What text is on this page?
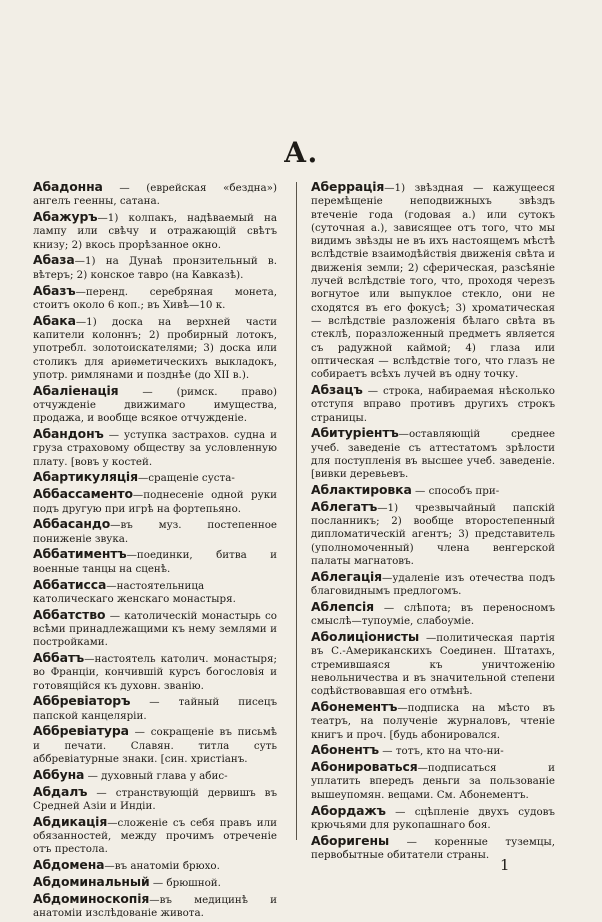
А.
Абадонна — (еврейская «бездна») ангелъ геенны, сатана.
Абажуръ—1) колпакъ, надѣваемый на лампу или свѣчу и отражающій свѣтъ книзу; 2) вкось прорѣзанное окно.
Абаза—1) на Дунаѣ пронзительный в. вѣтеръ; 2) конское тавро (на Кавказѣ).
Абазъ—перенд. серебряная монета, стоитъ около 6 коп.; въ Хивѣ—10 к.
Абака—1) доска на верхней части капители колоннъ; 2) пробирный лотокъ, употребл. золотоискателями; 3) доска или столикъ для ариѳметическихъ выкладокъ, употр. римлянами и позднѣе (до XII в.).
Абаліенація — (римск. право) отчужденіе движимаго имущества, продажа, и вообще всякое отчужденіе.
Абандонъ — уступка застрахов. судна и груза страховому обществу за условленную плату. [вовъ у костей.
Абартикуляція—сращеніе суста-
Аббассаменто—поднесеніе одной руки подъ другую при игрѣ на фортепьяно.
Аббасандо—въ муз. постепенное пониженіе звука.
Аббатиментъ—поединки, битва и военные танцы на сценѣ.
Аббатисса—настоятельница католическаго женскаго монастыря.
Аббатство — католическій монастырь со всѣми принадлежащими къ нему землями и постройками.
Аббатъ—настоятель католич. монастыря; во Франціи, кончившій курсъ богословія и готовящійся къ духовн. званію.
Аббревіаторъ — тайный писецъ папской канцеляріи.
Аббревіатура — сокращеніе въ письмѣ и печати. Славян. титла суть аббревіатурные знаки. [син. христіанъ.
Аббуна — духовный глава у абис-
Абдалъ — странствующій дервишъ въ Средней Азіи и Индіи.
Абдикація—сложеніе съ себя правъ или обязанностей, между прочимъ отреченіе отъ престола.
Абдомена—въ анатоміи брюхо.
Абдоминальный — брюшной.
Абдоминоскопія—въ медицинѣ и анатоміи изслѣдованіе живота.
Аберрація—1) звѣздная — кажущееся перемѣщеніе неподвижныхъ звѣздъ втеченіе года (годовая а.) или сутокъ (суточная а.), зависящее отъ того, что мы видимъ звѣзды не въ ихъ настоящемъ мѣстѣ вслѣдствіе взаимодѣйствія движенія свѣта и движенія земли; 2) сферическая, разсѣяніе лучей вслѣдствіе того, что, проходя черезъ вогнутое или выпуклое стекло, они не сходятся въ его фокусѣ; 3) хроматическая — вслѣдствіе разложенія бѣлаго свѣта въ стеклѣ, поразложенный предметъ является съ радужной каймой; 4) глаза или оптическая — вслѣдствіе того, что глазъ не собираетъ всѣхъ лучей въ одну точку.
Абзацъ — строка, набираемая нѣсколько отступя вправо противъ другихъ строкъ страницы.
Абитуріентъ—оставляющій среднее учеб. заведеніе съ аттестатомъ зрѣлости для поступленія въ высшее учеб. заведеніе. [вивки деревьевъ.
Аблактировка — способъ при-
Аблегатъ—1) чрезвычайный папскій посланникъ; 2) вообще второстепенный дипломатическій агентъ; 3) представитель (уполномоченный) члена венгерской палаты магнатовъ.
Аблегація—удаленіе изъ отечества подъ благовиднымъ предлогомъ.
Аблепсія — слѣпота; въ переносномъ смыслѣ—тупоуміе, слабоуміе.
Аболиціонисты —политическая партія въ С.-Американскихъ Соединен. Штатахъ, стремившаяся къ уничтоженію невольничества и въ значительной степени содѣйствовавшая его отмѣнѣ.
Абонементъ—подписка на мѣсто въ театръ, на полученіе журналовъ, чтеніе книгъ и проч. [будь абонировался.
Абонентъ — тотъ, кто на что-ни-
Абонироваться—подписаться и уплатить впередъ деньги за пользованіе вышеупомян. вещами. См. Абонементъ.
Абордажъ — сцѣпленіе двухъ судовъ крючьями для рукопашнаго боя.
Аборигены — коренные туземцы, первобытные обитатели страны.
1
